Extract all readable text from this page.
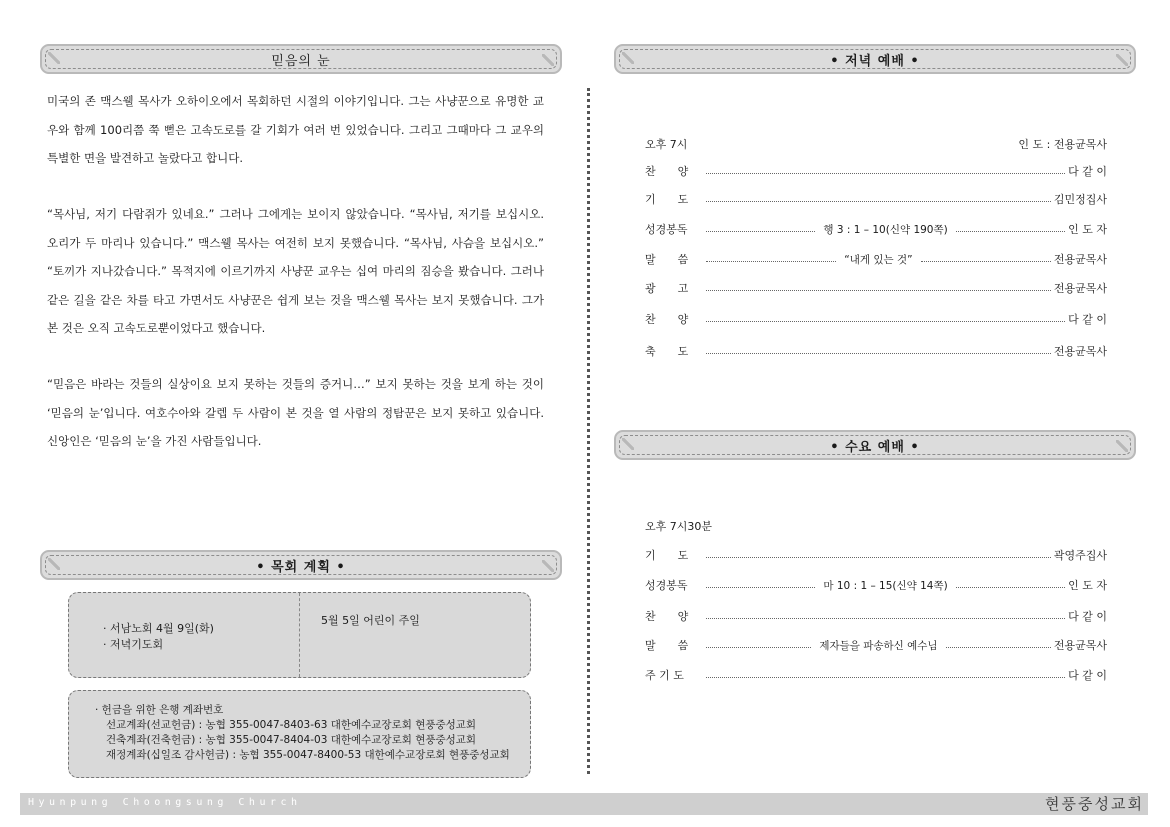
믿음의 눈

미국의 존 맥스웰 목사가 오하이오에서 목회하던 시절의 이야기입니다. 그는 사냥꾼으로 유명한 교우와 함께 100리쯤 쭉 뻗은 고속도로를 갈 기회가 여러 번 있었습니다. 그리고 그때마다 그 교우의 특별한 면을 발견하고 놀랐다고 합니다.

“목사님, 저기 다람쥐가 있네요.” 그러나 그에게는 보이지 않았습니다. “목사님, 저기를 보십시오. 오리가 두 마리나 있습니다.” 맥스웰 목사는 여전히 보지 못했습니다. “목사님, 사슴을 보십시오.” “토끼가 지나갔습니다.” 목적지에 이르기까지 사냥꾼 교우는 십여 마리의 짐승을 봤습니다. 그러나 같은 길을 같은 차를 타고 가면서도 사냥꾼은 쉽게 보는 것을 맥스웰 목사는 보지 못했습니다. 그가 본 것은 오직 고속도로뿐이었다고 했습니다.

“믿음은 바라는 것들의 실상이요 보지 못하는 것들의 증거니…” 보지 못하는 것을 보게 하는 것이 ‘믿음의 눈’입니다. 여호수아와 갈렙 두 사람이 본 것을 열 사람의 정탐꾼은 보지 못하고 있습니다. 신앙인은 ‘믿음의 눈’을 가진 사람들입니다.

• 목회 계획 •
· 서남노회 4월 9일(화)
· 저녁기도회
5월 5일 어린이 주일
· 헌금을 위한 은행 계좌번호
선교계좌(선교헌금) : 농협 355-0047-8403-63 대한예수교장로회 현풍중성교회
건축계좌(건축헌금) : 농협 355-0047-8404-03 대한예수교장로회 현풍중성교회
재정계좌(십일조 감사헌금) : 농협 355-0047-8400-53 대한예수교장로회 현풍중성교회
• 저녁 예배 •
오후 7시	인 도 : 전용균목사
찬　　양	다 같 이
기　　도	김민정집사
성경봉독	행 3 : 1 – 10(신약 190쪽)	인 도 자
말　　씀	“내게 있는 것”	전용균목사
광　　고	전용균목사
찬　　양	다 같 이
축　　도	전용균목사
• 수요 예배 •
오후 7시30분
기　　도	곽영주집사
성경봉독	마 10 : 1 – 15(신약 14쪽)	인 도 자
찬　　양	다 같 이
말　　씀	제자들을 파송하신 예수님	전용균목사
주 기 도	다 같 이
Hyunpung Choongsung Church	현풍중성교회
